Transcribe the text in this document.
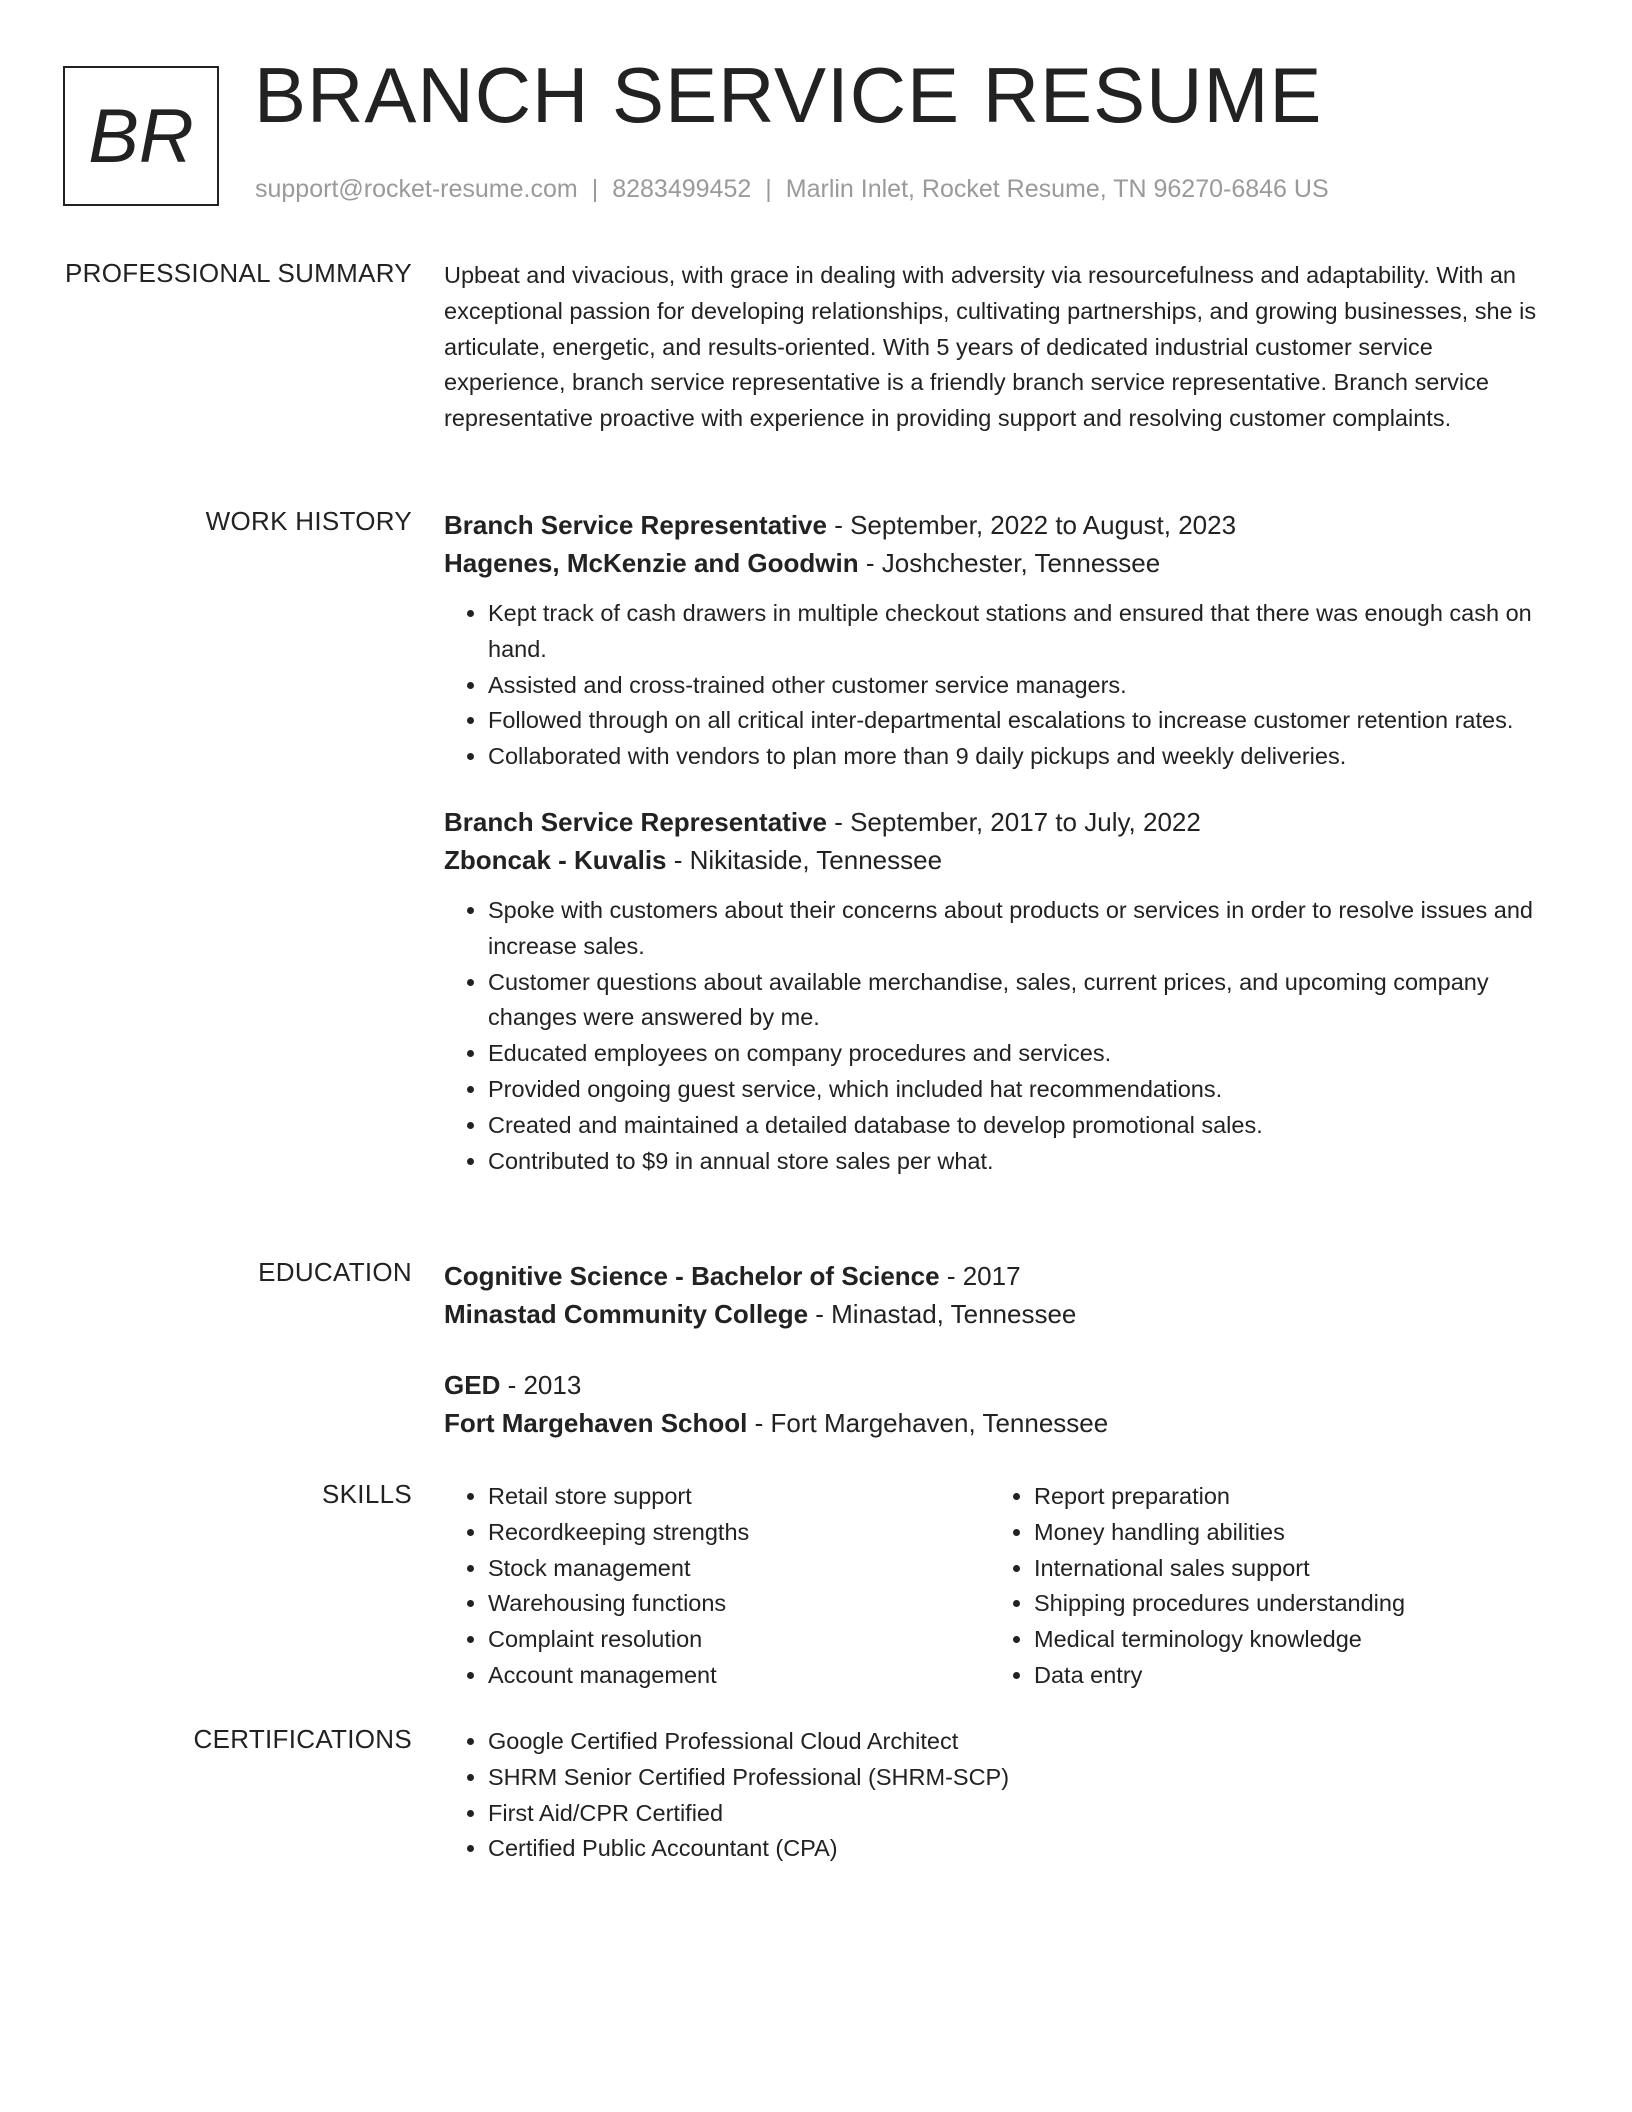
BR BRANCH SERVICE RESUME
support@rocket-resume.com | 8283499452 | Marlin Inlet, Rocket Resume, TN 96270-6846 US
PROFESSIONAL SUMMARY Upbeat and vivacious, with grace in dealing with adversity via resourcefulness and adaptability. With an exceptional passion for developing relationships, cultivating partnerships, and growing businesses, she is articulate, energetic, and results-oriented. With 5 years of dedicated industrial customer service experience, branch service representative is a friendly branch service representative. Branch service representative proactive with experience in providing support and resolving customer complaints.

WORK HISTORY Branch Service Representative - September, 2022 to August, 2023
Hagenes, McKenzie and Goodwin - Joshchester, Tennessee
• Kept track of cash drawers in multiple checkout stations and ensured that there was enough cash on hand.
• Assisted and cross-trained other customer service managers.
• Followed through on all critical inter-departmental escalations to increase customer retention rates.
• Collaborated with vendors to plan more than 9 daily pickups and weekly deliveries.
Branch Service Representative - September, 2017 to July, 2022
Zboncak - Kuvalis - Nikitaside, Tennessee
• Spoke with customers about their concerns about products or services in order to resolve issues and increase sales.
• Customer questions about available merchandise, sales, current prices, and upcoming company changes were answered by me.
• Educated employees on company procedures and services.
• Provided ongoing guest service, which included hat recommendations.
• Created and maintained a detailed database to develop promotional sales.
• Contributed to $9 in annual store sales per what.
EDUCATION Cognitive Science - Bachelor of Science - 2017
Minastad Community College - Minastad, Tennessee
GED - 2013
Fort Margehaven School - Fort Margehaven, Tennessee
SKILLS	• Retail store support
• Recordkeeping strengths
• Stock management
• Warehousing functions
• Complaint resolution
• Account management
• Report preparation
• Money handling abilities
• International sales support
• Shipping procedures understanding
• Medical terminology knowledge
• Data entry
CERTIFICATIONS	• Google Certified Professional Cloud Architect
• SHRM Senior Certified Professional (SHRM-SCP)
• First Aid/CPR Certified
• Certified Public Accountant (CPA)
